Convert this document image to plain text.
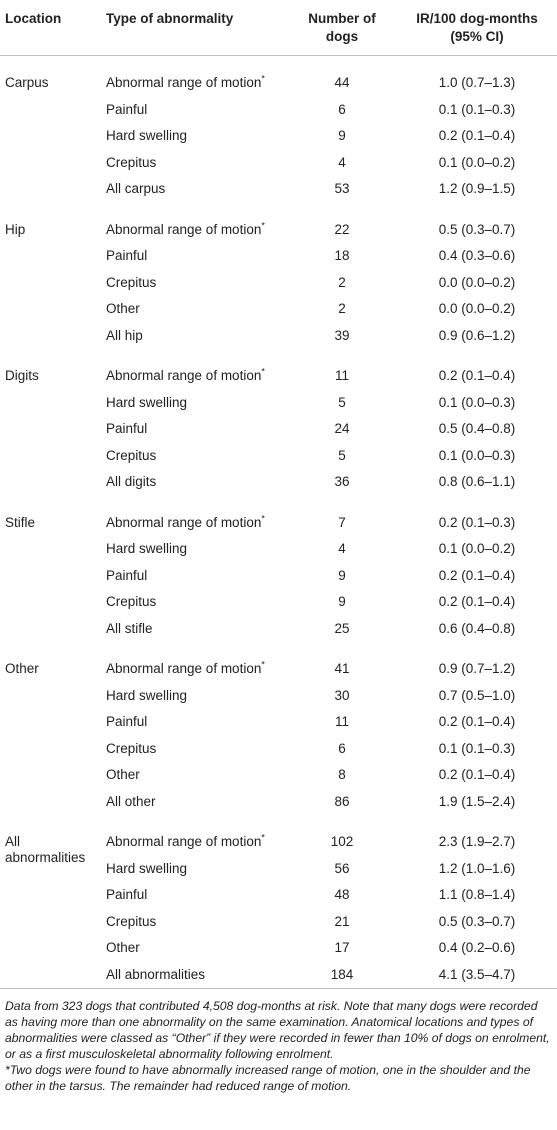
Location	Type of abnormality	Number of dogs	IR/100 dog-months (95% CI)

Carpus	Abnormal range of motion*	44	1.0 (0.7–1.3)
	Painful	6	0.1 (0.1–0.3)
	Hard swelling	9	0.2 (0.1–0.4)
	Crepitus	4	0.1 (0.0–0.2)
	All carpus	53	1.2 (0.9–1.5)

Hip	Abnormal range of motion*	22	0.5 (0.3–0.7)
	Painful	18	0.4 (0.3–0.6)
	Crepitus	2	0.0 (0.0–0.2)
	Other	2	0.0 (0.0–0.2)
	All hip	39	0.9 (0.6–1.2)

Digits	Abnormal range of motion*	11	0.2 (0.1–0.4)
	Hard swelling	5	0.1 (0.0–0.3)
	Painful	24	0.5 (0.4–0.8)
	Crepitus	5	0.1 (0.0–0.3)
	All digits	36	0.8 (0.6–1.1)

Stifle	Abnormal range of motion*	7	0.2 (0.1–0.3)
	Hard swelling	4	0.1 (0.0–0.2)
	Painful	9	0.2 (0.1–0.4)
	Crepitus	9	0.2 (0.1–0.4)
	All stifle	25	0.6 (0.4–0.8)

Other	Abnormal range of motion*	41	0.9 (0.7–1.2)
	Hard swelling	30	0.7 (0.5–1.0)
	Painful	11	0.2 (0.1–0.4)
	Crepitus	6	0.1 (0.1–0.3)
	Other	8	0.2 (0.1–0.4)
	All other	86	1.9 (1.5–2.4)

All abnormalities	Abnormal range of motion*	102	2.3 (1.9–2.7)
	Hard swelling	56	1.2 (1.0–1.6)
	Painful	48	1.1 (0.8–1.4)
	Crepitus	21	0.5 (0.3–0.7)
	Other	17	0.4 (0.2–0.6)
	All abnormalities	184	4.1 (3.5–4.7)

Data from 323 dogs that contributed 4,508 dog-months at risk. Note that many dogs were recorded as having more than one abnormality on the same examination. Anatomical locations and types of abnormalities were classed as “Other” if they were recorded in fewer than 10% of dogs on enrolment, or as a first musculoskeletal abnormality following enrolment.

*Two dogs were found to have abnormally increased range of motion, one in the shoulder and the other in the tarsus. The remainder had reduced range of motion.
